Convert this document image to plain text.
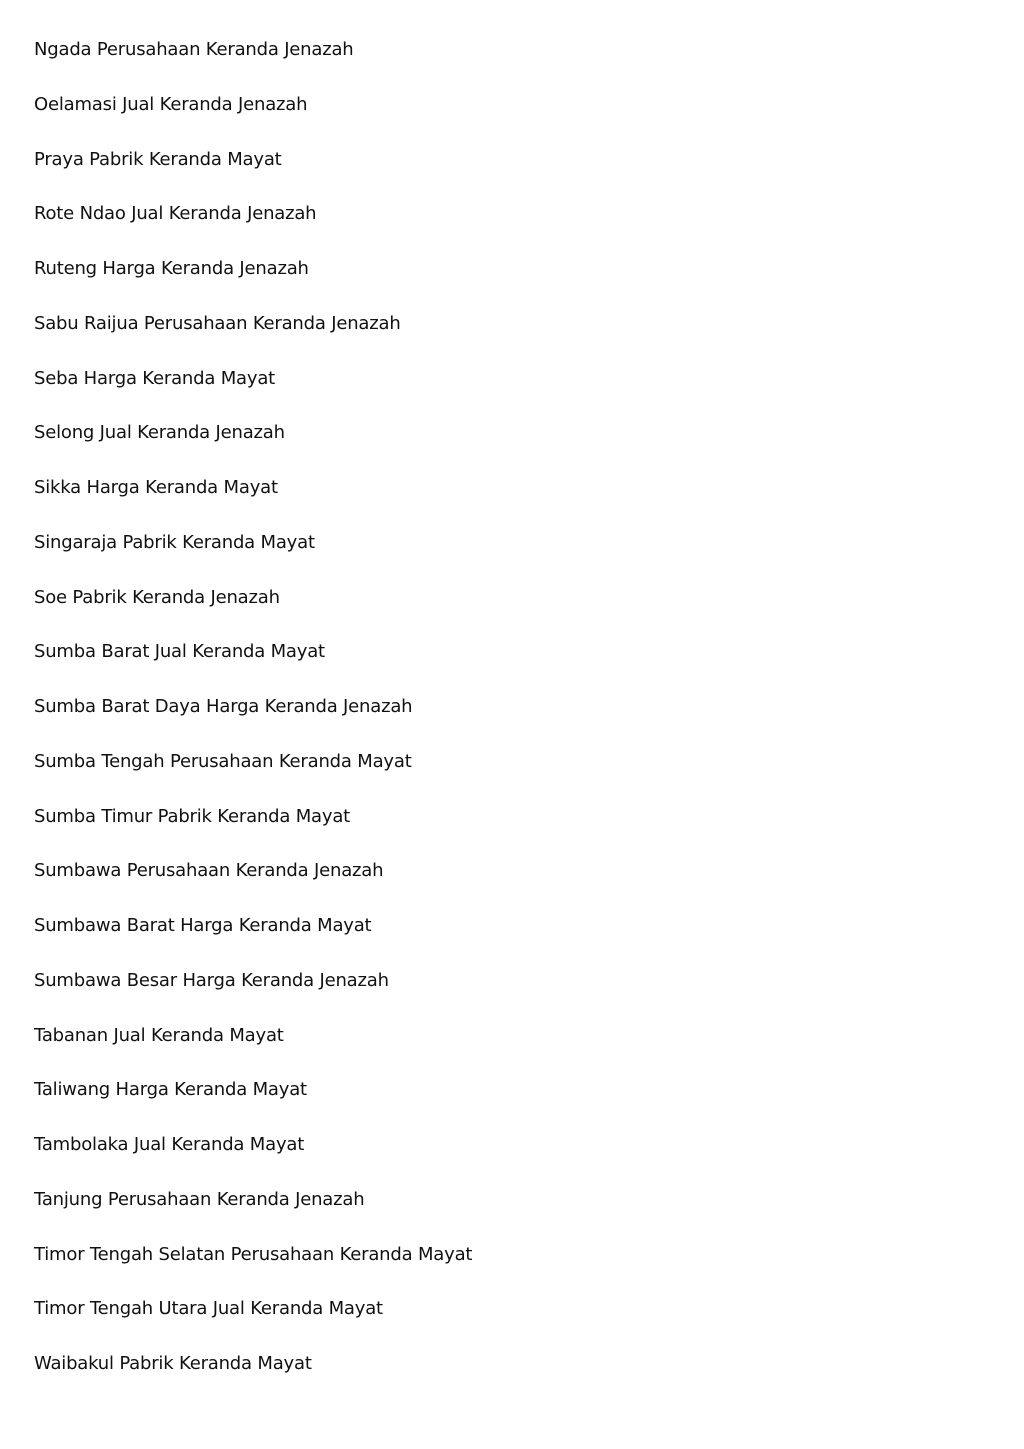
Ngada Perusahaan Keranda Jenazah
Oelamasi Jual Keranda Jenazah
Praya Pabrik Keranda Mayat
Rote Ndao Jual Keranda Jenazah
Ruteng Harga Keranda Jenazah
Sabu Raijua Perusahaan Keranda Jenazah
Seba Harga Keranda Mayat
Selong Jual Keranda Jenazah
Sikka Harga Keranda Mayat
Singaraja Pabrik Keranda Mayat
Soe Pabrik Keranda Jenazah
Sumba Barat Jual Keranda Mayat
Sumba Barat Daya Harga Keranda Jenazah
Sumba Tengah Perusahaan Keranda Mayat
Sumba Timur Pabrik Keranda Mayat
Sumbawa Perusahaan Keranda Jenazah
Sumbawa Barat Harga Keranda Mayat
Sumbawa Besar Harga Keranda Jenazah
Tabanan Jual Keranda Mayat
Taliwang Harga Keranda Mayat
Tambolaka Jual Keranda Mayat
Tanjung Perusahaan Keranda Jenazah
Timor Tengah Selatan Perusahaan Keranda Mayat
Timor Tengah Utara Jual Keranda Mayat
Waibakul Pabrik Keranda Mayat
